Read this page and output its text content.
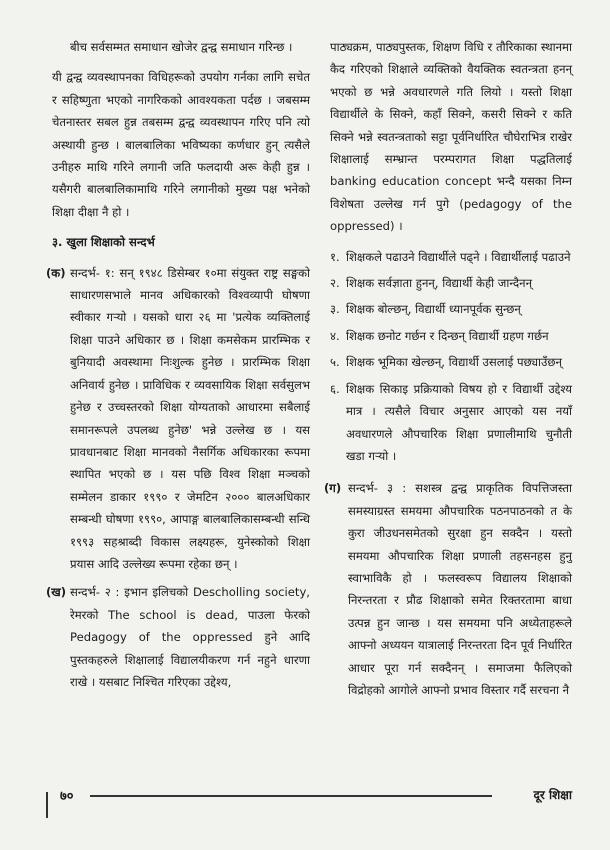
बीच सर्वसम्मत समाधान खोजेर द्वन्द्व समाधान गरिन्छ ।

यी द्वन्द्व व्यवस्थापनका विधिहरूको उपयोग गर्नका लागि सचेत र सहिष्णुता भएको नागरिकको आवश्यकता पर्दछ । जबसम्म चेतनास्तर सबल हुन्न तबसम्म द्वन्द्व व्यवस्थापन गरिए पनि त्यो अस्थायी हुन्छ । बालबालिका भविष्यका कर्णधार हुन् त्यसैले उनीहरु माथि गरिने लगानी जति फलदायी अरू केही हुन्न । यसैगरी बालबालिकामाथि गरिने लगानीको मुख्य पक्ष भनेको शिक्षा दीक्षा नै हो ।

३. खुला शिक्षाको सन्दर्भ
(क) सन्दर्भ- १: सन् १९४८ डिसेम्बर १०मा संयुक्त राष्ट्र सङ्घको साधारणसभाले मानव अधिकारको विश्वव्यापी घोषणा स्वीकार गऱ्यो । यसको धारा २६ मा 'प्रत्येक व्यक्तिलाई शिक्षा पाउने अधिकार छ । शिक्षा कमसेकम प्रारम्भिक र बुनियादी अवस्थामा निःशुल्क हुनेछ । प्रारम्भिक शिक्षा अनिवार्य हुनेछ । प्राविधिक र व्यवसायिक शिक्षा सर्वसुलभ हुनेछ र उच्चस्तरको शिक्षा योग्यताको आधारमा सबैलाई समानरूपले उपलब्ध हुनेछ' भन्ने उल्लेख छ । यस प्रावधानबाट शिक्षा मानवको नैसर्गिक अधिकारका रूपमा स्थापित भएको छ । यस पछि विश्व शिक्षा मञ्चको सम्मेलन डाकार १९९० र जेमटिन २००० बालअधिकार सम्बन्धी घोषणा १९९०, आपाङ्ग बालबालिकासम्बन्धी सन्धि १९९३ सहश्राब्दी विकास लक्ष्यहरू, युनेस्कोको शिक्षा प्रयास आदि उल्लेख्य रूपमा रहेका छन् ।
(ख) सन्दर्भ- २ : इभान इलिचको Descholling society, रेमरको The school is dead, पाउला फेरको Pedagogy of the oppressed हुने आदि पुस्तकहरुले शिक्षालाई विद्यालयीकरण गर्न नहुने धारणा राखे । यसबाट निश्चित गरिएका उद्देश्य,

पाठ्यक्रम, पाठ्यपुस्तक, शिक्षण विधि र तौरिकाका स्थानमा कैद गरिएको शिक्षाले व्यक्तिको वैयक्तिक स्वतन्त्रता हनन् भएको छ भन्ने अवधारणले गति लियो । यस्तो शिक्षा विद्यार्थीले के सिक्ने, कहाँ सिक्ने, कसरी सिक्ने र कति सिक्ने भन्ने स्वतन्त्रताको सट्टा पूर्वनिर्धारित चौघेराभित्र राखेर शिक्षालाई सम्भ्रान्त परम्परागत शिक्षा पद्धतिलाई banking education concept भन्दै यसका निम्न विशेषता उल्लेख गर्न पुगे (pedagogy of the oppressed) ।

१. शिक्षकले पढाउने विद्यार्थीले पढ्ने । विद्यार्थीलाई पढाउने
२. शिक्षक सर्वज्ञाता हुनन्, विद्यार्थी केही जान्दैनन्
३. शिक्षक बोल्छन्, विद्यार्थी ध्यानपूर्वक सुन्छन्
४. शिक्षक छनोट गर्छन र दिन्छन् विद्यार्थी ग्रहण गर्छन
५. शिक्षक भूमिका खेल्छन्, विद्यार्थी उसलाई पछ्याउँछन्
६. शिक्षक सिकाइ प्रक्रियाको विषय हो र विद्यार्थी उद्देश्य मात्र । त्यसैले विचार अनुसार आएको यस नयाँ अवधारणले औपचारिक शिक्षा प्रणालीमाथि चुनौती खडा गऱ्यो ।
(ग) सन्दर्भ- ३ : सशस्त्र द्वन्द्व प्राकृतिक विपत्तिजस्ता समस्याग्रस्त समयमा औपचारिक पठनपाठनको त के कुरा जीउधनसमेतको सुरक्षा हुन सक्दैन । यस्तो समयमा औपचारिक शिक्षा प्रणाली तहसनहस हुनु स्वाभाविकै हो । फलस्वरूप विद्यालय शिक्षाको निरन्तरता र प्रौढ शिक्षाको समेत रिक्तरतामा बाधा उत्पन्न हुन जान्छ । यस समयमा पनि अध्येताहरूले आफ्नो अध्ययन यात्रालाई निरन्तरता दिन पूर्व निर्धारित आधार पूरा गर्न सक्दैनन् । समाजमा फैलिएको विद्रोहको आगोले आफ्नो प्रभाव विस्तार गर्दै सरचना नै
७०	दूर शिक्षा
